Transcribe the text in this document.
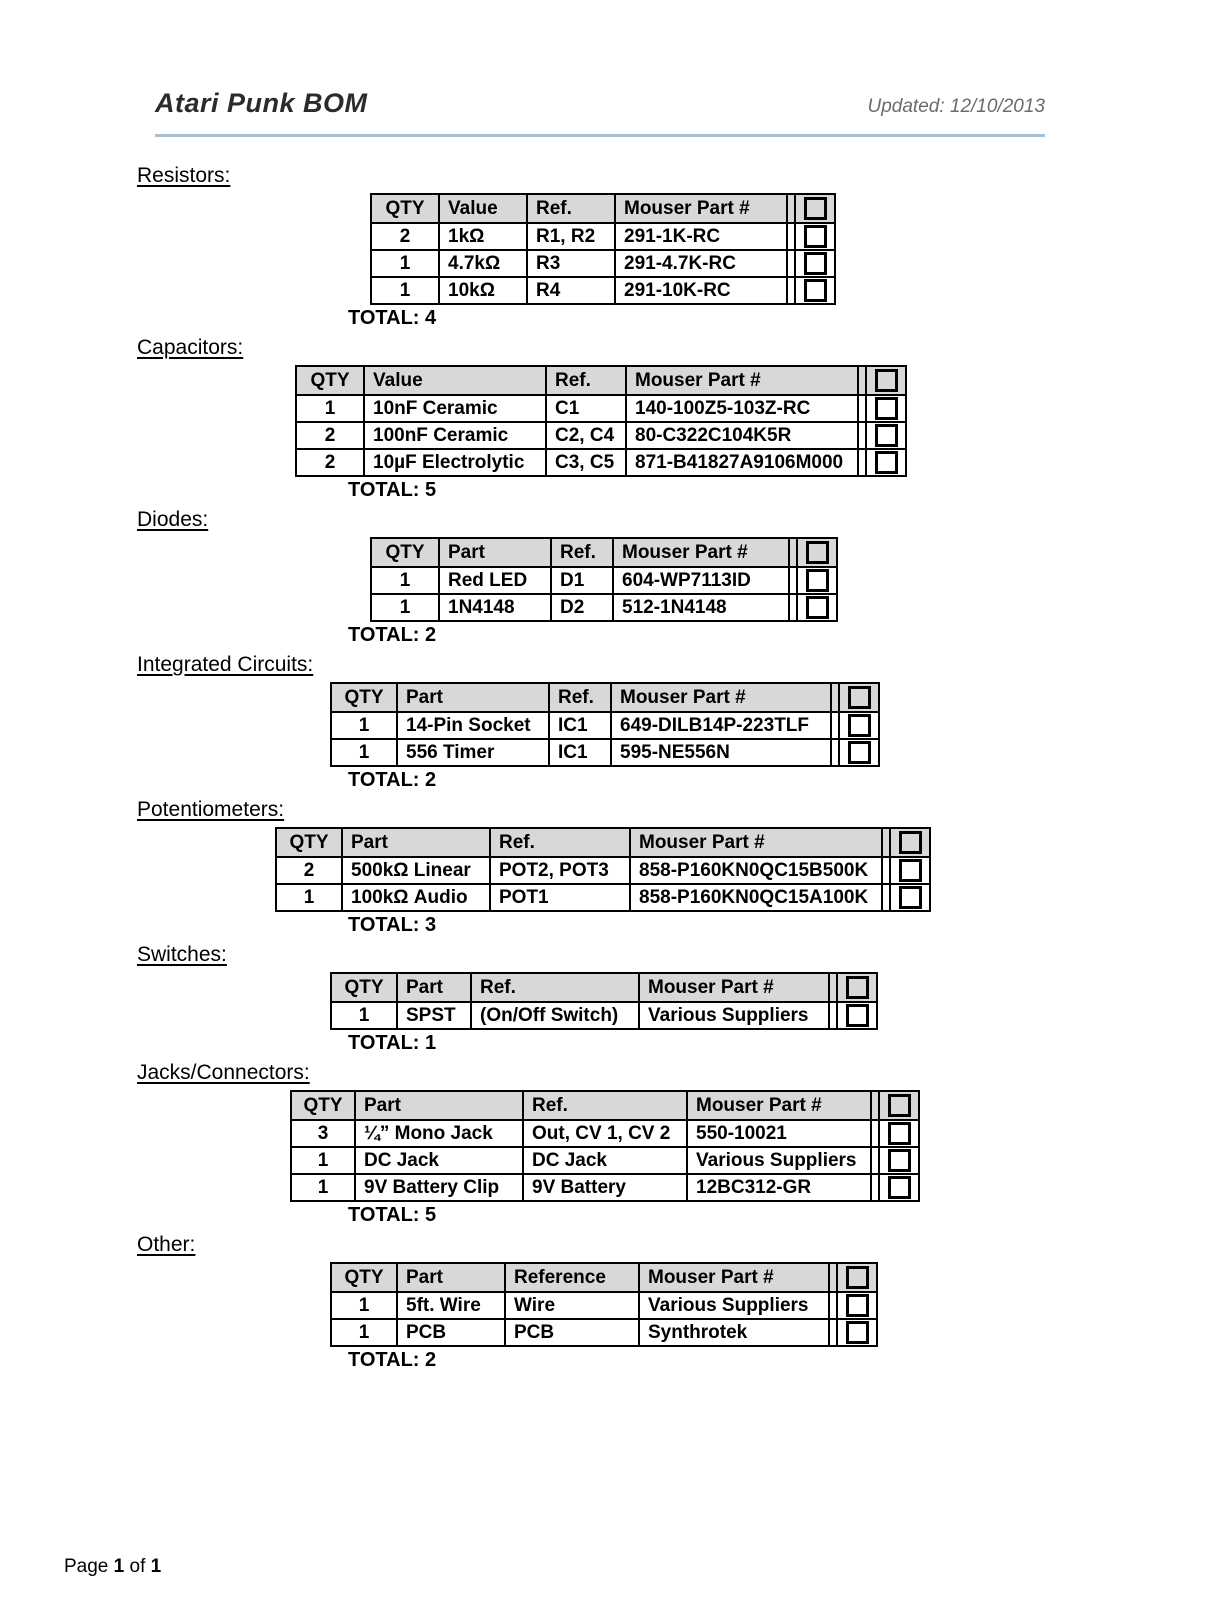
Atari Punk BOM	Updated: 12/10/2013
Resistors:
QTY	Value	Ref.	Mouser Part #		

2	1kΩ	R1, R2	291-1K-RC		

1	4.7kΩ	R3	291-4.7K-RC		

1	10kΩ	R4	291-10K-RC		
TOTAL: 4
Capacitors:
QTY	Value	Ref.	Mouser Part #		

1	10nF Ceramic	C1	140-100Z5-103Z-RC		

2	100nF Ceramic	C2, C4	80-C322C104K5R		

2	10µF Electrolytic	C3, C5	871-B41827A9106M000		
TOTAL: 5
Diodes:
QTY	Part	Ref.	Mouser Part #		

1	Red LED	D1	604-WP7113ID		

1	1N4148	D2	512-1N4148		
TOTAL: 2
Integrated Circuits:
QTY	Part	Ref.	Mouser Part #		

1	14-Pin Socket	IC1	649-DILB14P-223TLF		

1	556 Timer	IC1	595-NE556N		
TOTAL: 2
Potentiometers:
QTY	Part	Ref.	Mouser Part #		

2	500kΩ Linear	POT2, POT3	858-P160KN0QC15B500K		

1	100kΩ Audio	POT1	858-P160KN0QC15A100K		
TOTAL: 3
Switches:
QTY	Part	Ref.	Mouser Part #		

1	SPST	(On/Off Switch)	Various Suppliers		
TOTAL: 1
Jacks/Connectors:
QTY	Part	Ref.	Mouser Part #		

3	¼” Mono Jack	Out, CV 1, CV 2	550-10021		

1	DC Jack	DC Jack	Various Suppliers		

1	9V Battery Clip	9V Battery	12BC312-GR		
TOTAL: 5
Other:
QTY	Part	Reference	Mouser Part #		

1	5ft. Wire	Wire	Various Suppliers		

1	PCB	PCB	Synthrotek		
TOTAL: 2
Page 1 of 1
